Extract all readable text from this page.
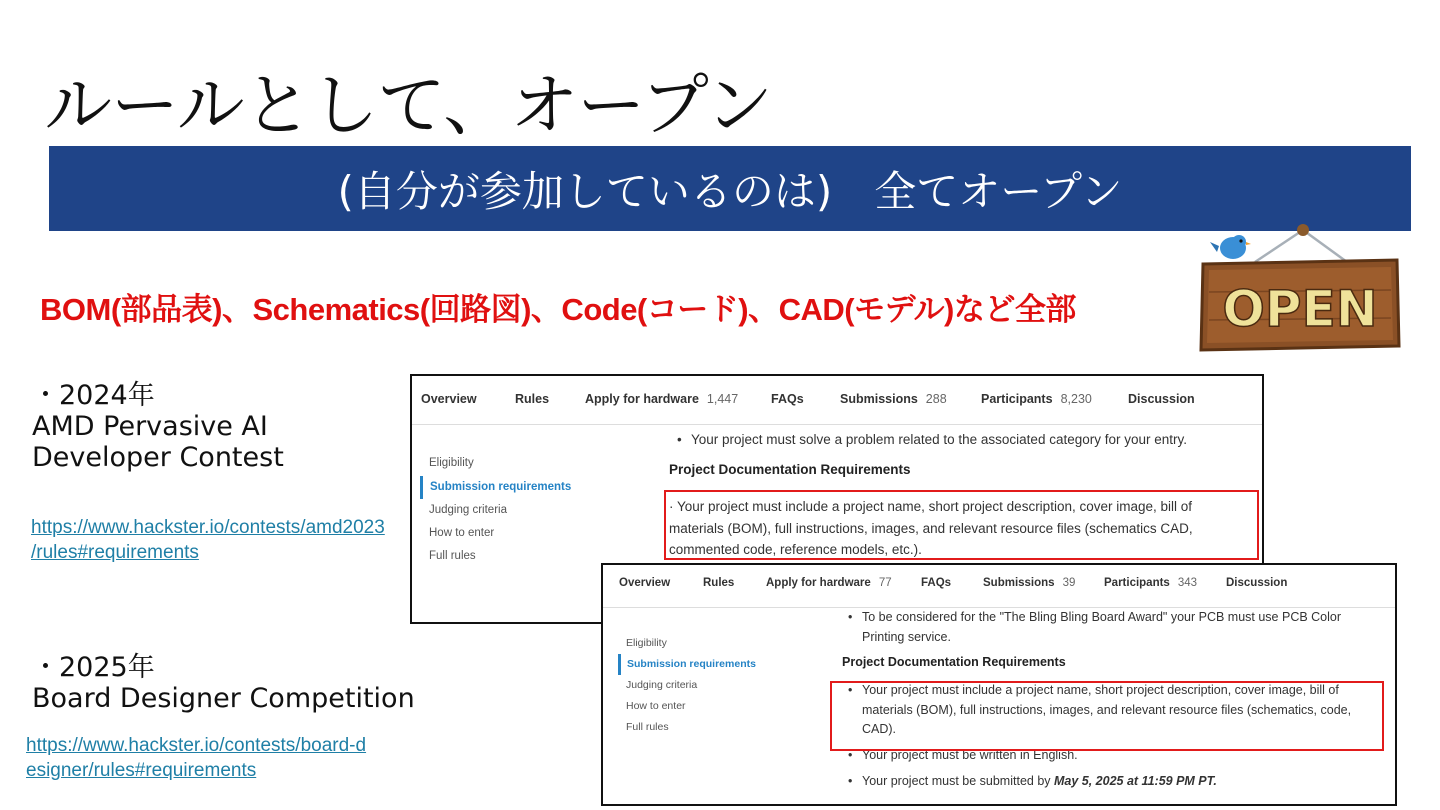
ルールとして、オープン
(自分が参加しているのは)　全てオープン
BOM(部品表)、Schematics(回路図)、Code(コード)、CAD(モデル)など全部	OPEN
・2024年
AMD Pervasive AI
Developer Contest
https://www.hackster.io/contests/amd2023
/rules#requirements
・2025年
Board Designer Competition
https://www.hackster.io/contests/board-d
esigner/rules#requirements
Overview	Rules	Apply for hardware 1,447	FAQs	Submissions 288	Participants 8,230	Discussion
Eligibility
Submission requirements
Judging criteria
How to enter
Full rules
• Your project must solve a problem related to the associated category for your entry.
Project Documentation Requirements
· Your project must include a project name, short project description, cover image, bill of
materials (BOM), full instructions, images, and relevant resource files (schematics CAD,
commented code, reference models, etc.).
Overview	Rules	Apply for hardware 77	FAQs	Submissions 39 Participants 343	Discussion
Eligibility
Submission requirements
Judging criteria
How to enter
Full rules
• To be considered for the "The Bling Bling Board Award" your PCB must use PCB Color
Printing service.
Project Documentation Requirements
• Your project must include a project name, short project description, cover image, bill of
materials (BOM), full instructions, images, and relevant resource files (schematics, code,
CAD).
• Your project must be written in English.
• Your project must be submitted by May 5, 2025 at 11:59 PM PT.
